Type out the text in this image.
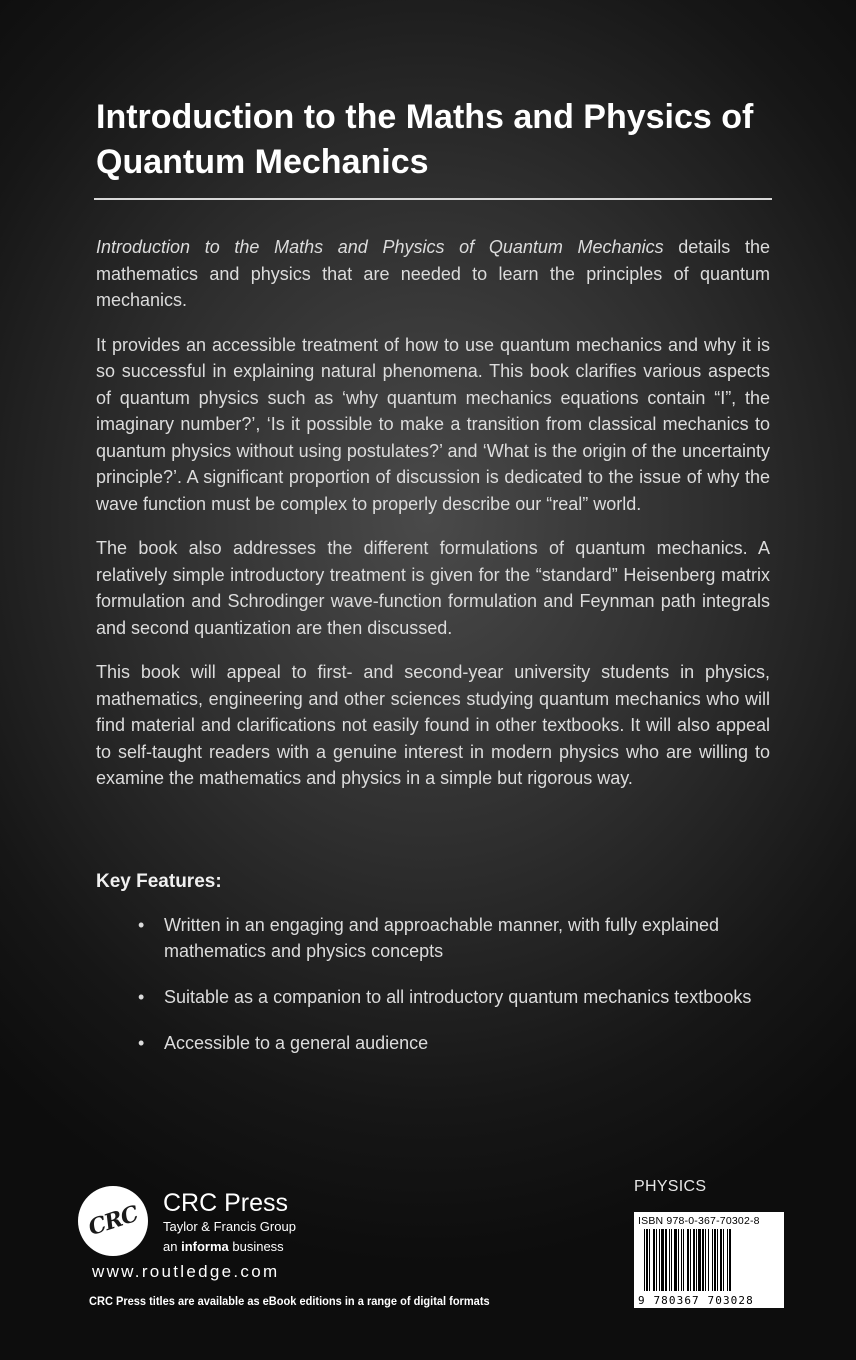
Introduction to the Maths and Physics of Quantum Mechanics

Introduction to the Maths and Physics of Quantum Mechanics details the mathematics and physics that are needed to learn the principles of quantum mechanics.

It provides an accessible treatment of how to use quantum mechanics and why it is so successful in explaining natural phenomena. This book clarifies various aspects of quantum physics such as ‘why quantum mechanics equations contain “I”, the imaginary number?’, ‘Is it possible to make a transition from classical mechanics to quantum physics without using postulates?’ and ‘What is the origin of the uncertainty principle?’. A significant proportion of discussion is dedicated to the issue of why the wave function must be complex to properly describe our “real” world.

The book also addresses the different formulations of quantum mechanics. A relatively simple introductory treatment is given for the “standard” Heisenberg matrix formulation and Schrodinger wave-function formulation and Feynman path integrals and second quantization are then discussed.

This book will appeal to first- and second-year university students in physics, mathematics, engineering and other sciences studying quantum mechanics who will find material and clarifications not easily found in other textbooks. It will also appeal to self-taught readers with a genuine interest in modern physics who are willing to examine the mathematics and physics in a simple but rigorous way.

Key Features:
• Written in an engaging and approachable manner, with fully explained mathematics and physics concepts
• Suitable as a companion to all introductory quantum mechanics textbooks
• Accessible to a general audience
CRC CRC Press
Taylor & Francis Group
an informa business
www.routledge.com
CRC Press titles are available as eBook editions in a range of digital formats
PHYSICS
ISBN 978-0-367-70302-8
9 780367 703028
